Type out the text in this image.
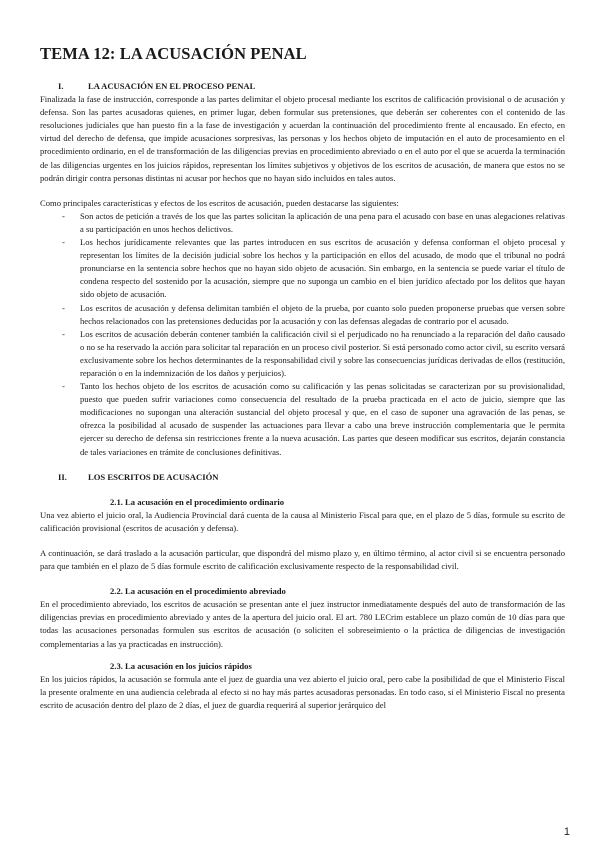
TEMA 12: LA ACUSACIÓN PENAL
I.	LA ACUSACIÓN EN EL PROCESO PENAL

Finalizada la fase de instrucción, corresponde a las partes delimitar el objeto procesal mediante los escritos de calificación provisional o de acusación y defensa. Son las partes acusadoras quienes, en primer lugar, deben formular sus pretensiones, que deberán ser coherentes con el contenido de las resoluciones judiciales que han puesto fin a la fase de investigación y acuerdan la continuación del procedimiento frente al encausado. En efecto, en virtud del derecho de defensa, que impide acusaciones sorpresivas, las personas y los hechos objeto de imputación en el auto de procesamiento en el procedimiento ordinario, en el de transformación de las diligencias previas en procedimiento abreviado o en el auto por el que se acuerda la terminación de las diligencias urgentes en los juicios rápidos, representan los límites subjetivos y objetivos de los escritos de acusación, de manera que estos no se podrán dirigir contra personas distintas ni acusar por hechos que no hayan sido incluidos en tales autos.

Como principales características y efectos de los escritos de acusación, pueden destacarse las siguientes:

- Son actos de petición a través de los que las partes solicitan la aplicación de una pena para el acusado con base en unas alegaciones relativas a su participación en unos hechos delictivos.
- Los hechos jurídicamente relevantes que las partes introducen en sus escritos de acusación y defensa conforman el objeto procesal y representan los límites de la decisión judicial sobre los hechos y la participación en ellos del acusado, de modo que el tribunal no podrá pronunciarse en la sentencia sobre hechos que no hayan sido objeto de acusación. Sin embargo, en la sentencia se puede variar el título de condena respecto del sostenido por la acusación, siempre que no suponga un cambio en el bien jurídico afectado por los delitos que hayan sido objeto de acusación.
- Los escritos de acusación y defensa delimitan también el objeto de la prueba, por cuanto solo pueden proponerse pruebas que versen sobre hechos relacionados con las pretensiones deducidas por la acusación y con las defensas alegadas de contrario por el acusado.
- Los escritos de acusación deberán contener también la calificación civil si el perjudicado no ha renunciado a la reparación del daño causado o no se ha reservado la acción para solicitar tal reparación en un proceso civil posterior. Si está personado como actor civil, su escrito versará exclusivamente sobre los hechos determinantes de la responsabilidad civil y sobre las consecuencias jurídicas derivadas de ellos (restitución, reparación o en la indemnización de los daños y perjuicios).
- Tanto los hechos objeto de los escritos de acusación como su calificación y las penas solicitadas se caracterizan por su provisionalidad, puesto que pueden sufrir variaciones como consecuencia del resultado de la prueba practicada en el acto de juicio, siempre que las modificaciones no supongan una alteración sustancial del objeto procesal y que, en el caso de suponer una agravación de las penas, se ofrezca la posibilidad al acusado de suspender las actuaciones para llevar a cabo una breve instrucción complementaria que le permita ejercer su derecho de defensa sin restricciones frente a la nueva acusación. Las partes que deseen modificar sus escritos, dejarán constancia de tales variaciones en trámite de conclusiones definitivas.
II.	LOS ESCRITOS DE ACUSACIÓN
2.1. La acusación en el procedimiento ordinario

Una vez abierto el juicio oral, la Audiencia Provincial dará cuenta de la causa al Ministerio Fiscal para que, en el plazo de 5 días, formule su escrito de calificación provisional (escritos de acusación y defensa).

A continuación, se dará traslado a la acusación particular, que dispondrá del mismo plazo y, en último término, al actor civil si se encuentra personado para que también en el plazo de 5 días formule escrito de calificación exclusivamente respecto de la responsabilidad civil.

2.2. La acusación en el procedimiento abreviado

En el procedimiento abreviado, los escritos de acusación se presentan ante el juez instructor inmediatamente después del auto de transformación de las diligencias previas en procedimiento abreviado y antes de la apertura del juicio oral. El art. 780 LECrim establece un plazo común de 10 días para que todas las acusaciones personadas formulen sus escritos de acusación (o soliciten el sobreseimiento o la práctica de diligencias de investigación complementarias a las ya practicadas en instrucción).

2.3. La acusación en los juicios rápidos

En los juicios rápidos, la acusación se formula ante el juez de guardia una vez abierto el juicio oral, pero cabe la posibilidad de que el Ministerio Fiscal la presente oralmente en una audiencia celebrada al efecto si no hay más partes acusadoras personadas. En todo caso, si el Ministerio Fiscal no presenta escrito de acusación dentro del plazo de 2 días, el juez de guardia requerirá al superior jerárquico del

1
